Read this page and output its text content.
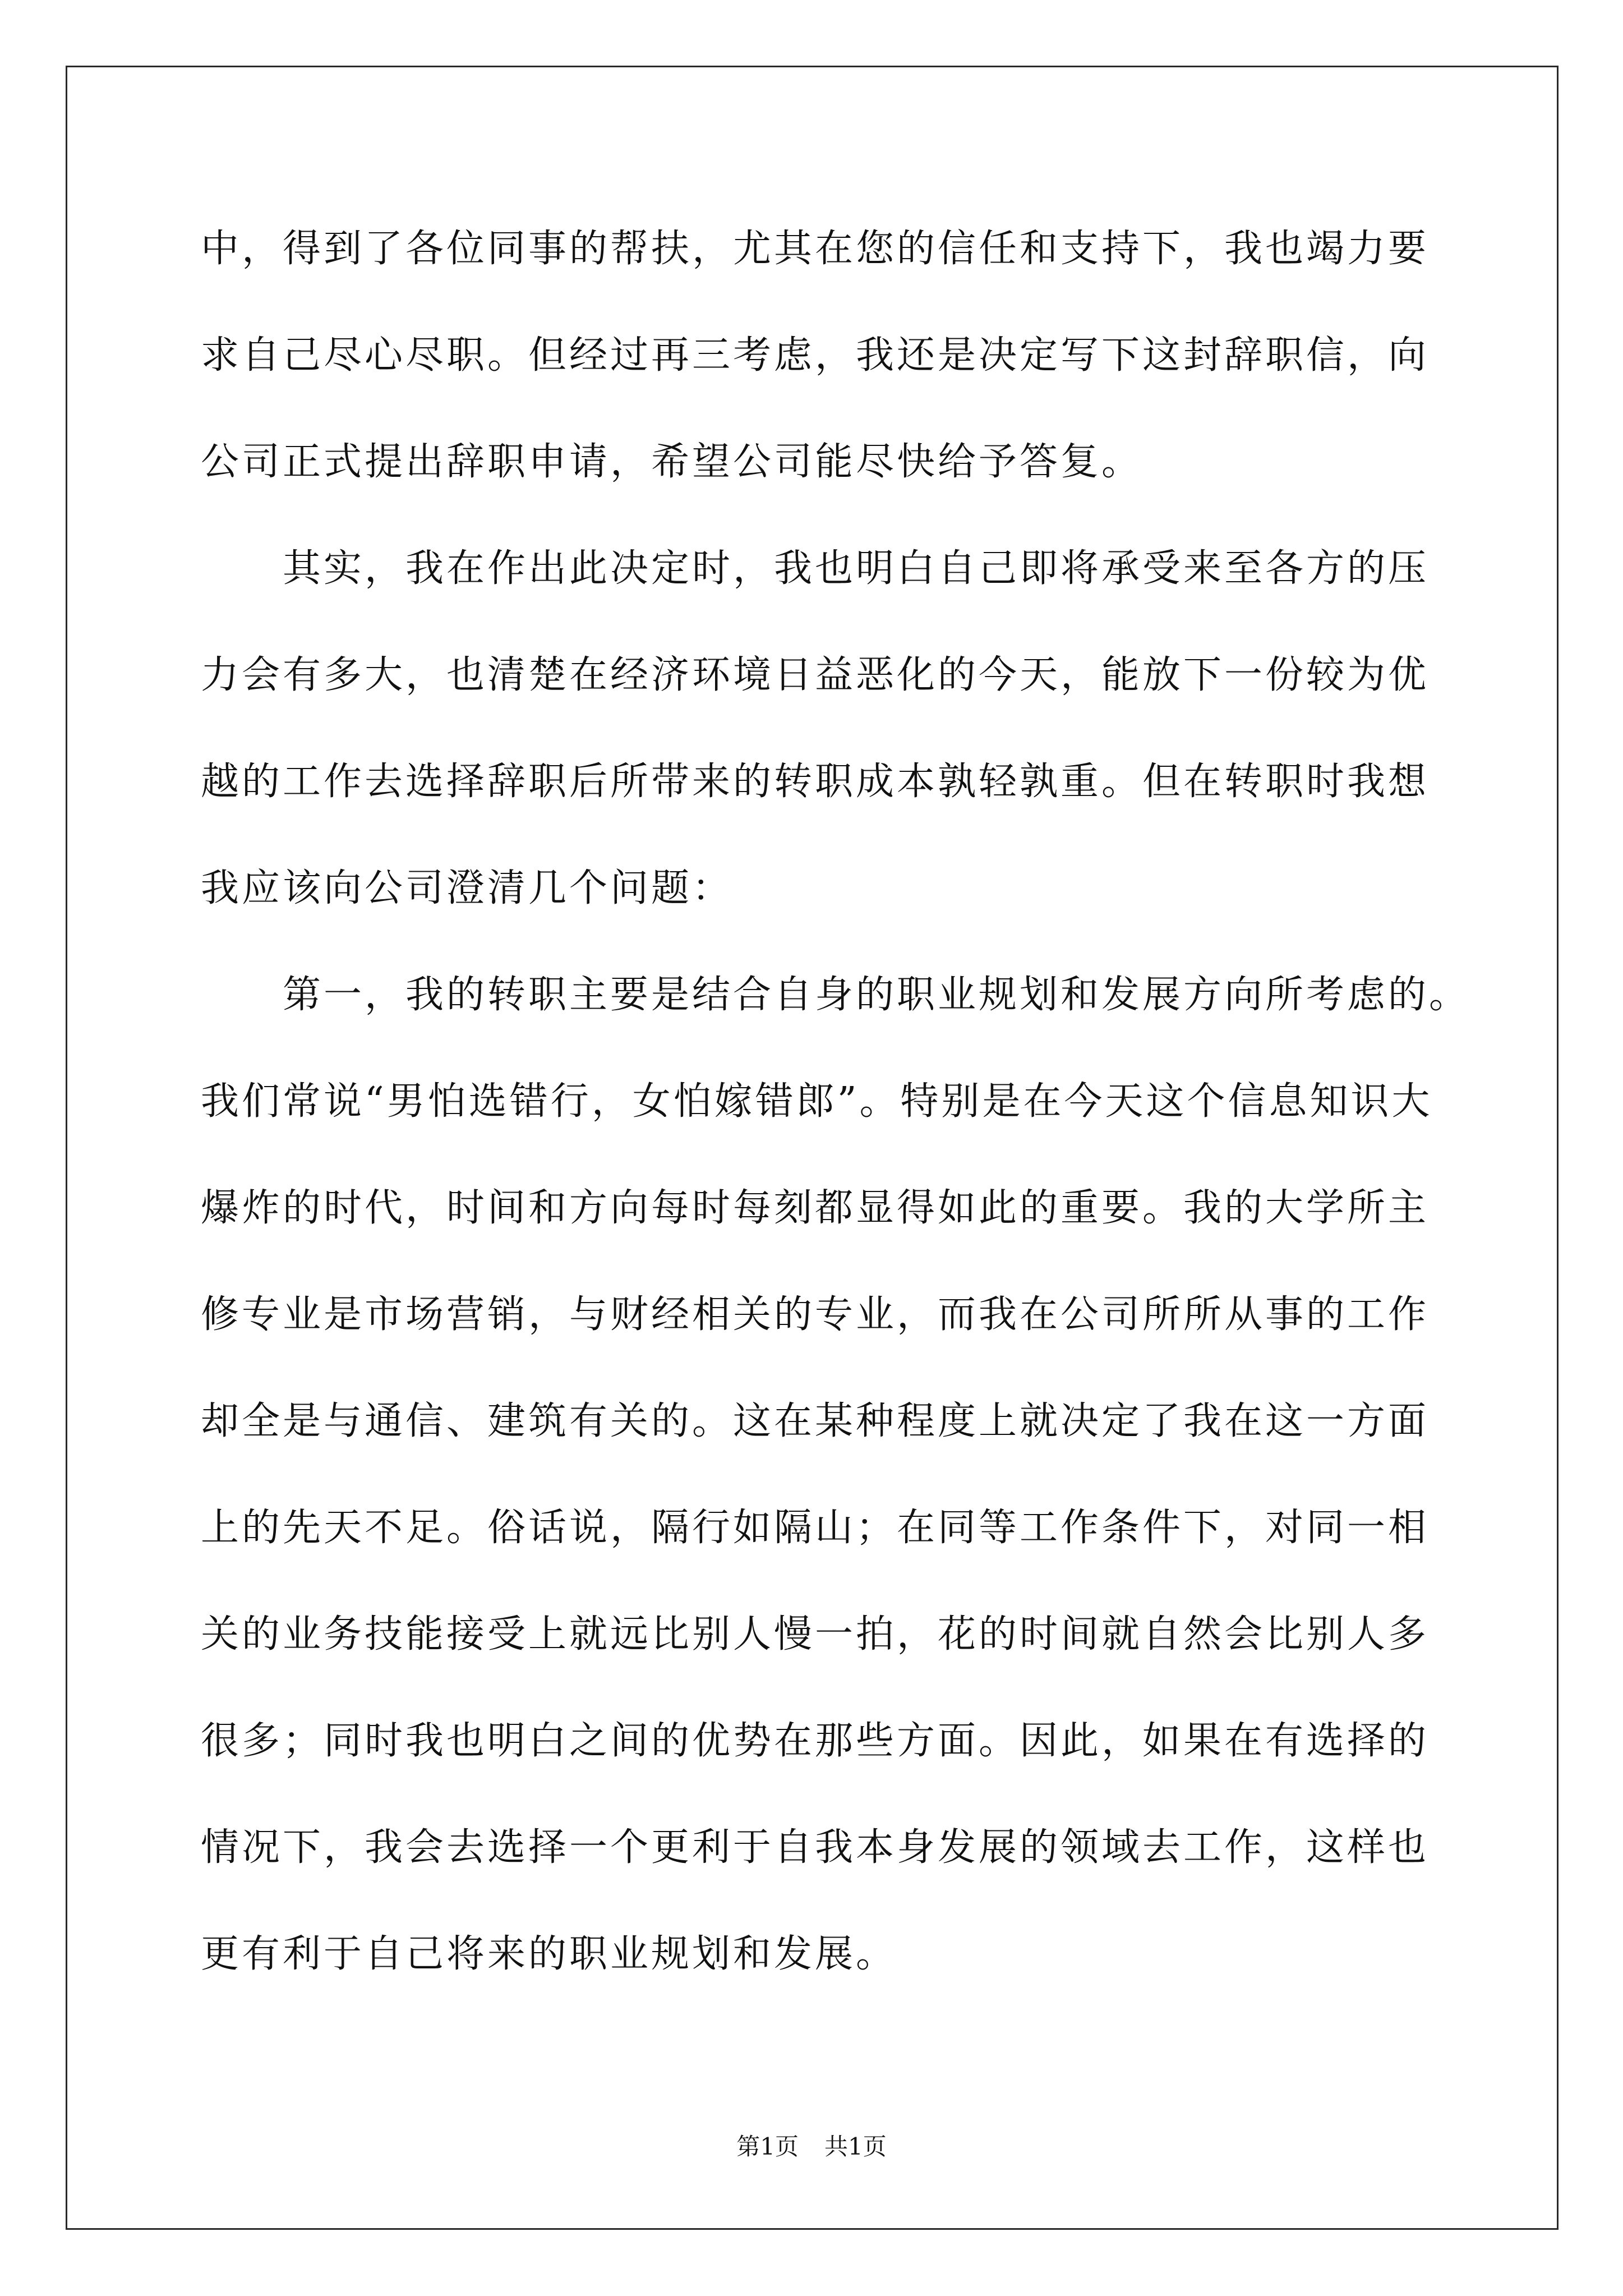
中，得到了各位同事的帮扶，尤其在您的信任和支持下，我也竭力要
求自己尽心尽职。但经过再三考虑，我还是决定写下这封辞职信，向
公司正式提出辞职申请，希望公司能尽快给予答复。
其实，我在作出此决定时，我也明白自己即将承受来至各方的压
力会有多大，也清楚在经济环境日益恶化的今天，能放下一份较为优
越的工作去选择辞职后所带来的转职成本孰轻孰重。但在转职时我想
我应该向公司澄清几个问题：
第一，我的转职主要是结合自身的职业规划和发展方向所考虑的。
我们常说“男怕选错行，女怕嫁错郎”。特别是在今天这个信息知识大
爆炸的时代，时间和方向每时每刻都显得如此的重要。我的大学所主
修专业是市场营销，与财经相关的专业，而我在公司所所从事的工作
却全是与通信、建筑有关的。这在某种程度上就决定了我在这一方面
上的先天不足。俗话说，隔行如隔山；在同等工作条件下，对同一相
关的业务技能接受上就远比别人慢一拍，花的时间就自然会比别人多
很多；同时我也明白之间的优势在那些方面。因此，如果在有选择的
情况下，我会去选择一个更利于自我本身发展的领域去工作，这样也
更有利于自己将来的职业规划和发展。
第1页 共1页
